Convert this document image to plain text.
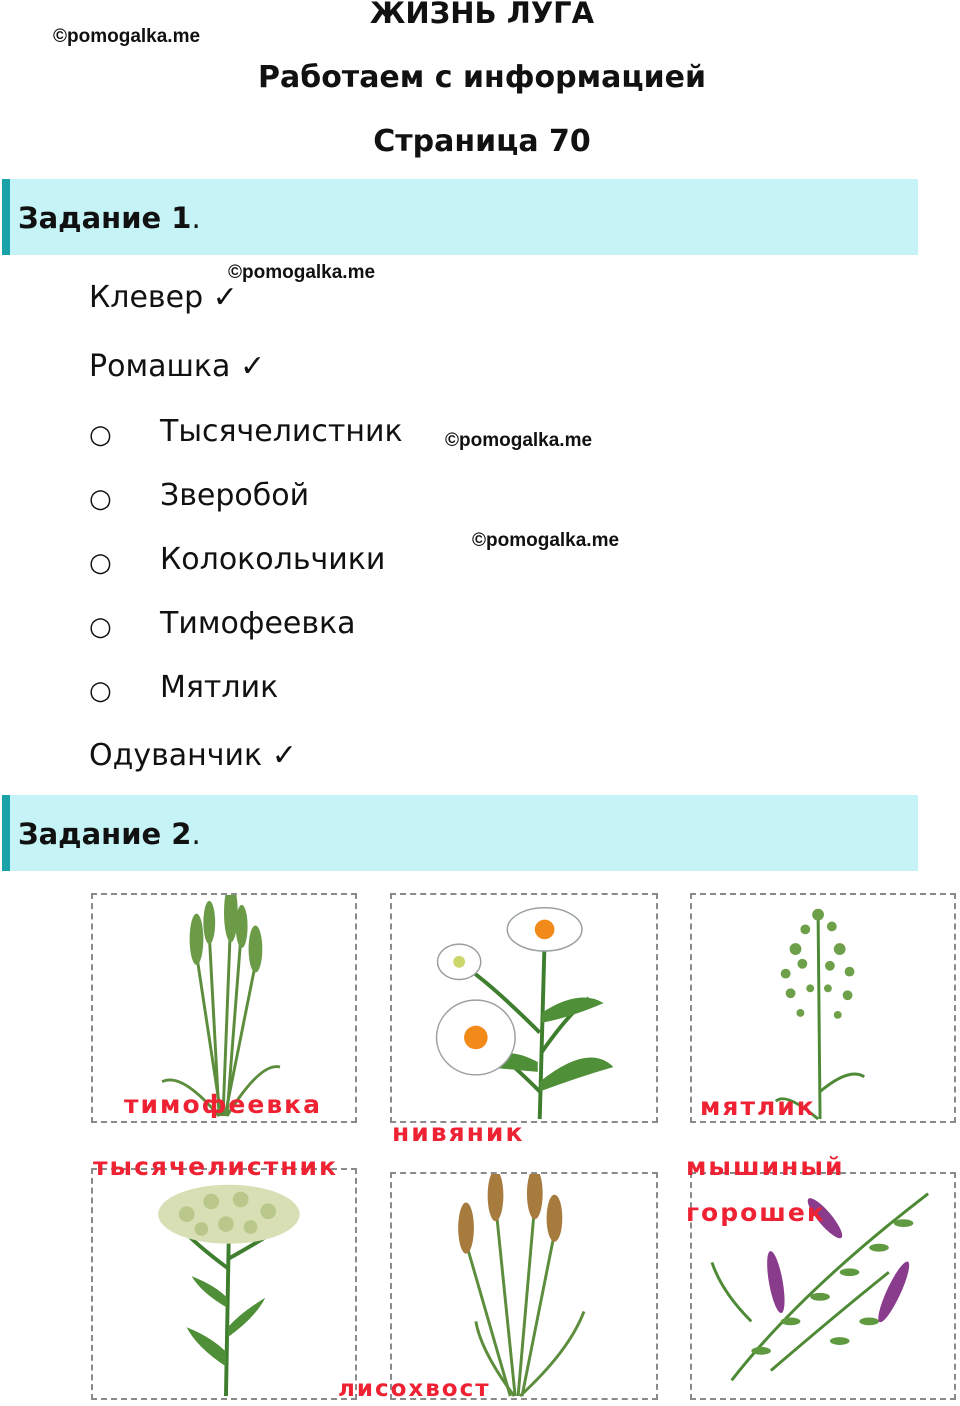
©pomogalka.me
ЖИЗНЬ ЛУГА
Работаем с информацией
Страница 70
Задание 1.
©pomogalka.me
Клевер ✓
Ромашка ✓
○ Тысячелистник ©pomogalka.me
○ Зверобой
©pomogalka.me
○ Колокольчики
○ Тимофеевка
○ Мятлик
Одуванчик ✓
Задание 2.
тимофеевка
нивяник
мятлик
тысячелистник
лисохвост
мышиный
горошек
